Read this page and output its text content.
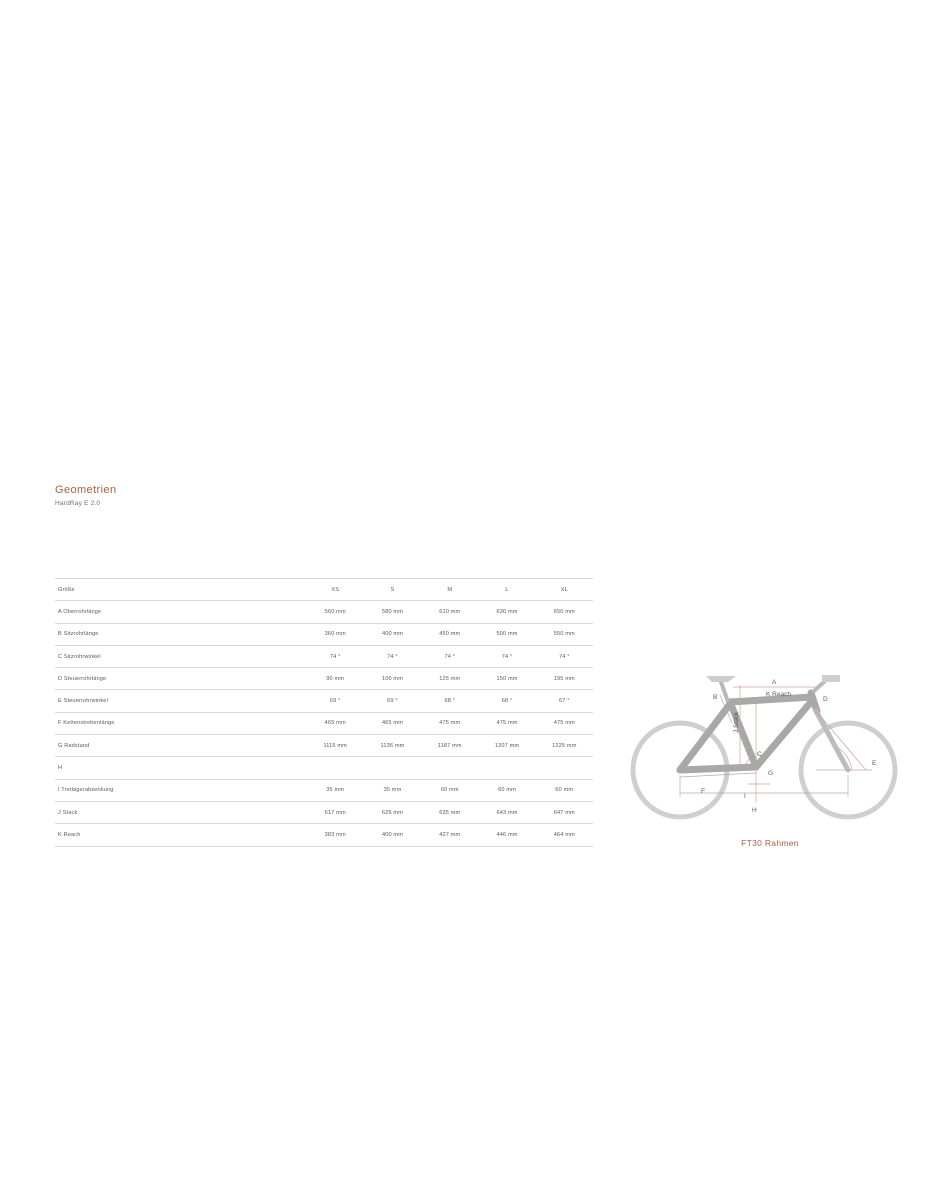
Geometrien
HardRay E 2.0
Größe	XS	S	M	L	XL
A Oberrohrlänge	560 mm	580 mm	610 mm	630 mm	650 mm
B Sitzrohrlänge	360 mm	400 mm	450 mm	500 mm	550 mm
C Sitzrohrwinkel	74 °	74 °	74 °	74 °	74 °
D Steuerrohrlänge	90 mm	100 mm	125 mm	150 mm	195 mm
E Steuerrohrwinkel	69 °	69 °	68 °	68 °	67 °
F Kettenstrebenlänge	465 mm	465 mm	475 mm	475 mm	475 mm
G Radstand	1115 mm	1136 mm	1187 mm	1207 mm	1225 mm
H					
I Tretlagerabsenkung	35 mm	35 mm	60 mm	60 mm	60 mm
J Stack	617 mm	626 mm	635 mm	643 mm	647 mm
K Reach	383 mm	400 mm	427 mm	446 mm	464 mm
A
B
C
D
E
F
G
H
I
J Stack
K Reach
FT30 Rahmen
